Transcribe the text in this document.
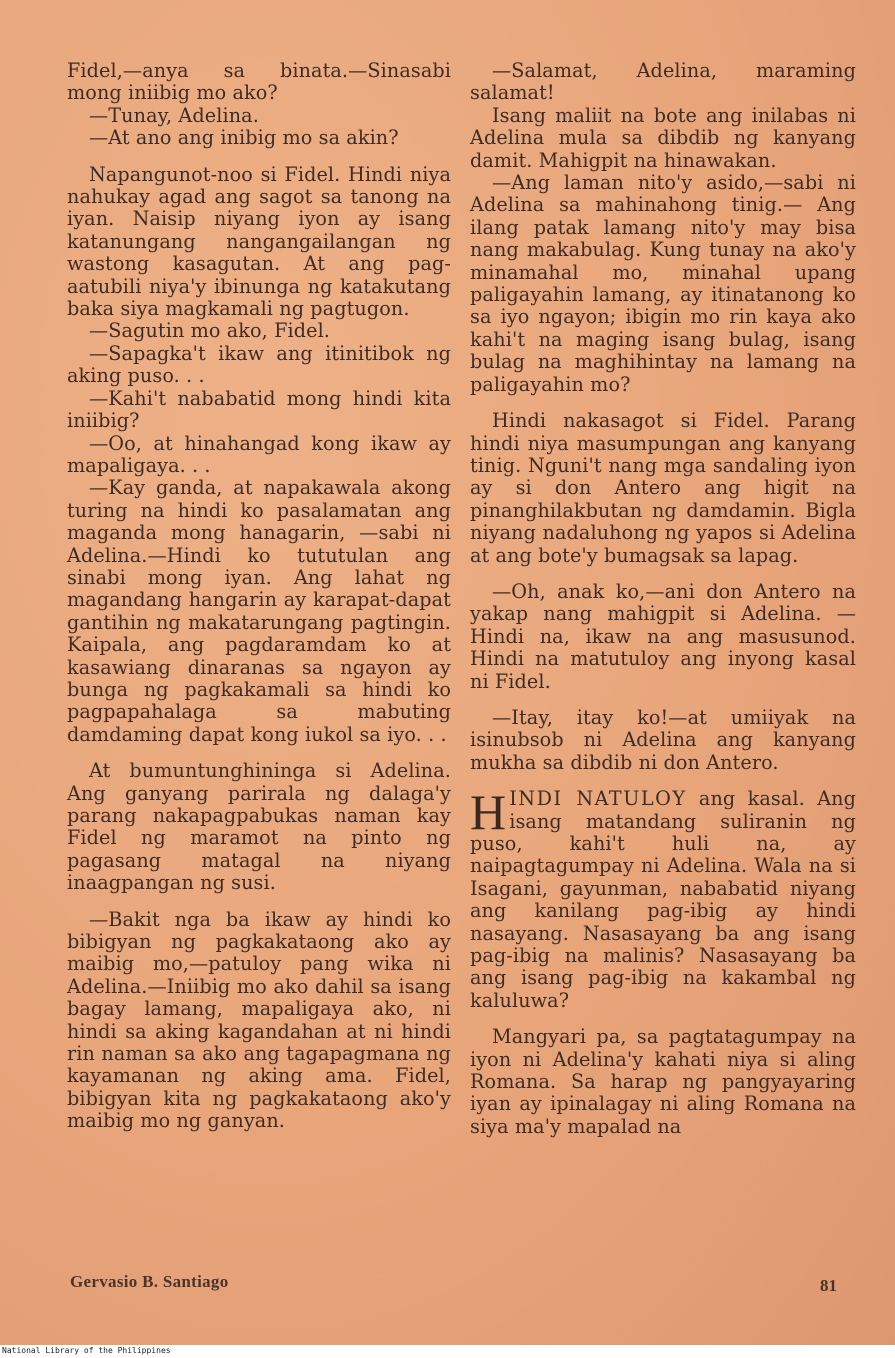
Fidel,—anya sa binata.—Sinasabi mong iniibig mo ako?

—Tunay, Adelina.

—At ano ang inibig mo sa akin?

Napangunot-noo si Fidel. Hindi niya nahukay agad ang sagot sa tanong na iyan. Naisip niyang iyon ay isang katanungang nangangailangan ng wastong kasagutan. At ang pag-aatubili niya'y ibinunga ng katakutang baka siya magkamali ng pagtugon.

—Sagutin mo ako, Fidel.

—Sapagka't ikaw ang itinitibok ng aking puso. . .

—Kahi't nababatid mong hindi kita iniibig?

—Oo, at hinahangad kong ikaw ay mapaligaya. . .

—Kay ganda, at napakawala akong turing na hindi ko pasalamatan ang maganda mong hanagarin, —sabi ni Adelina.—Hindi ko tututulan ang sinabi mong iyan. Ang lahat ng magandang hangarin ay karapat-dapat gantihin ng makatarungang pagtingin. Kaipala, ang pagdaramdam ko at kasawiang dinaranas sa ngayon ay bunga ng pagkakamali sa hindi ko pagpapahalaga sa mabuting damdaming dapat kong iukol sa iyo. . .

At bumuntunghininga si Adelina. Ang ganyang parirala ng dalaga'y parang nakapagpabukas naman kay Fidel ng maramot na pinto ng pagasang matagal na niyang inaagpangan ng susi.

—Bakit nga ba ikaw ay hindi ko bibigyan ng pagkakataong ako ay maibig mo,—patuloy pang wika ni Adelina.—Iniibig mo ako dahil sa isang bagay lamang, mapaligaya ako, ni hindi sa aking kagandahan at ni hindi rin naman sa ako ang tagapagmana ng kayamanan ng aking ama. Fidel, bibigyan kita ng pagkakataong ako'y maibig mo ng ganyan.

—Salamat, Adelina, maraming salamat!

Isang maliit na bote ang inilabas ni Adelina mula sa dibdib ng kanyang damit. Mahigpit na hinawakan.

—Ang laman nito'y asido,—sabi ni Adelina sa mahinahong tinig.— Ang ilang patak lamang nito'y may bisa nang makabulag. Kung tunay na ako'y minamahal mo, minahal upang paligayahin lamang, ay itinatanong ko sa iyo ngayon; ibigin mo rin kaya ako kahi't na maging isang bulag, isang bulag na maghihintay na lamang na paligayahin mo?

Hindi nakasagot si Fidel. Parang hindi niya masumpungan ang kanyang tinig. Nguni't nang mga sandaling iyon ay si don Antero ang higit na pinanghilakbutan ng damdamin. Bigla niyang nadaluhong ng yapos si Adelina at ang bote'y bumagsak sa lapag.

—Oh, anak ko,—ani don Antero na yakap nang mahigpit si Adelina. —Hindi na, ikaw na ang masusunod. Hindi na matutuloy ang inyong kasal ni Fidel.

—Itay, itay ko!—at umiiyak na isinubsob ni Adelina ang kanyang mukha sa dibdib ni don Antero.

HINDI NATULOY ang kasal. Ang isang matandang suliranin ng puso, kahi't huli na, ay naipagtagumpay ni Adelina. Wala na si Isagani, gayunman, nababatid niyang ang kanilang pag-ibig ay hindi nasayang. Nasasayang ba ang isang pag-ibig na malinis? Nasasayang ba ang isang pag-ibig na kakambal ng kaluluwa?

Mangyari pa, sa pagtatagumpay na iyon ni Adelina'y kahati niya si aling Romana. Sa harap ng pangyayaring iyan ay ipinalagay ni aling Romana na siya ma'y mapalad na

Gervasio B. Santiago	81
National Library of the Philippines
